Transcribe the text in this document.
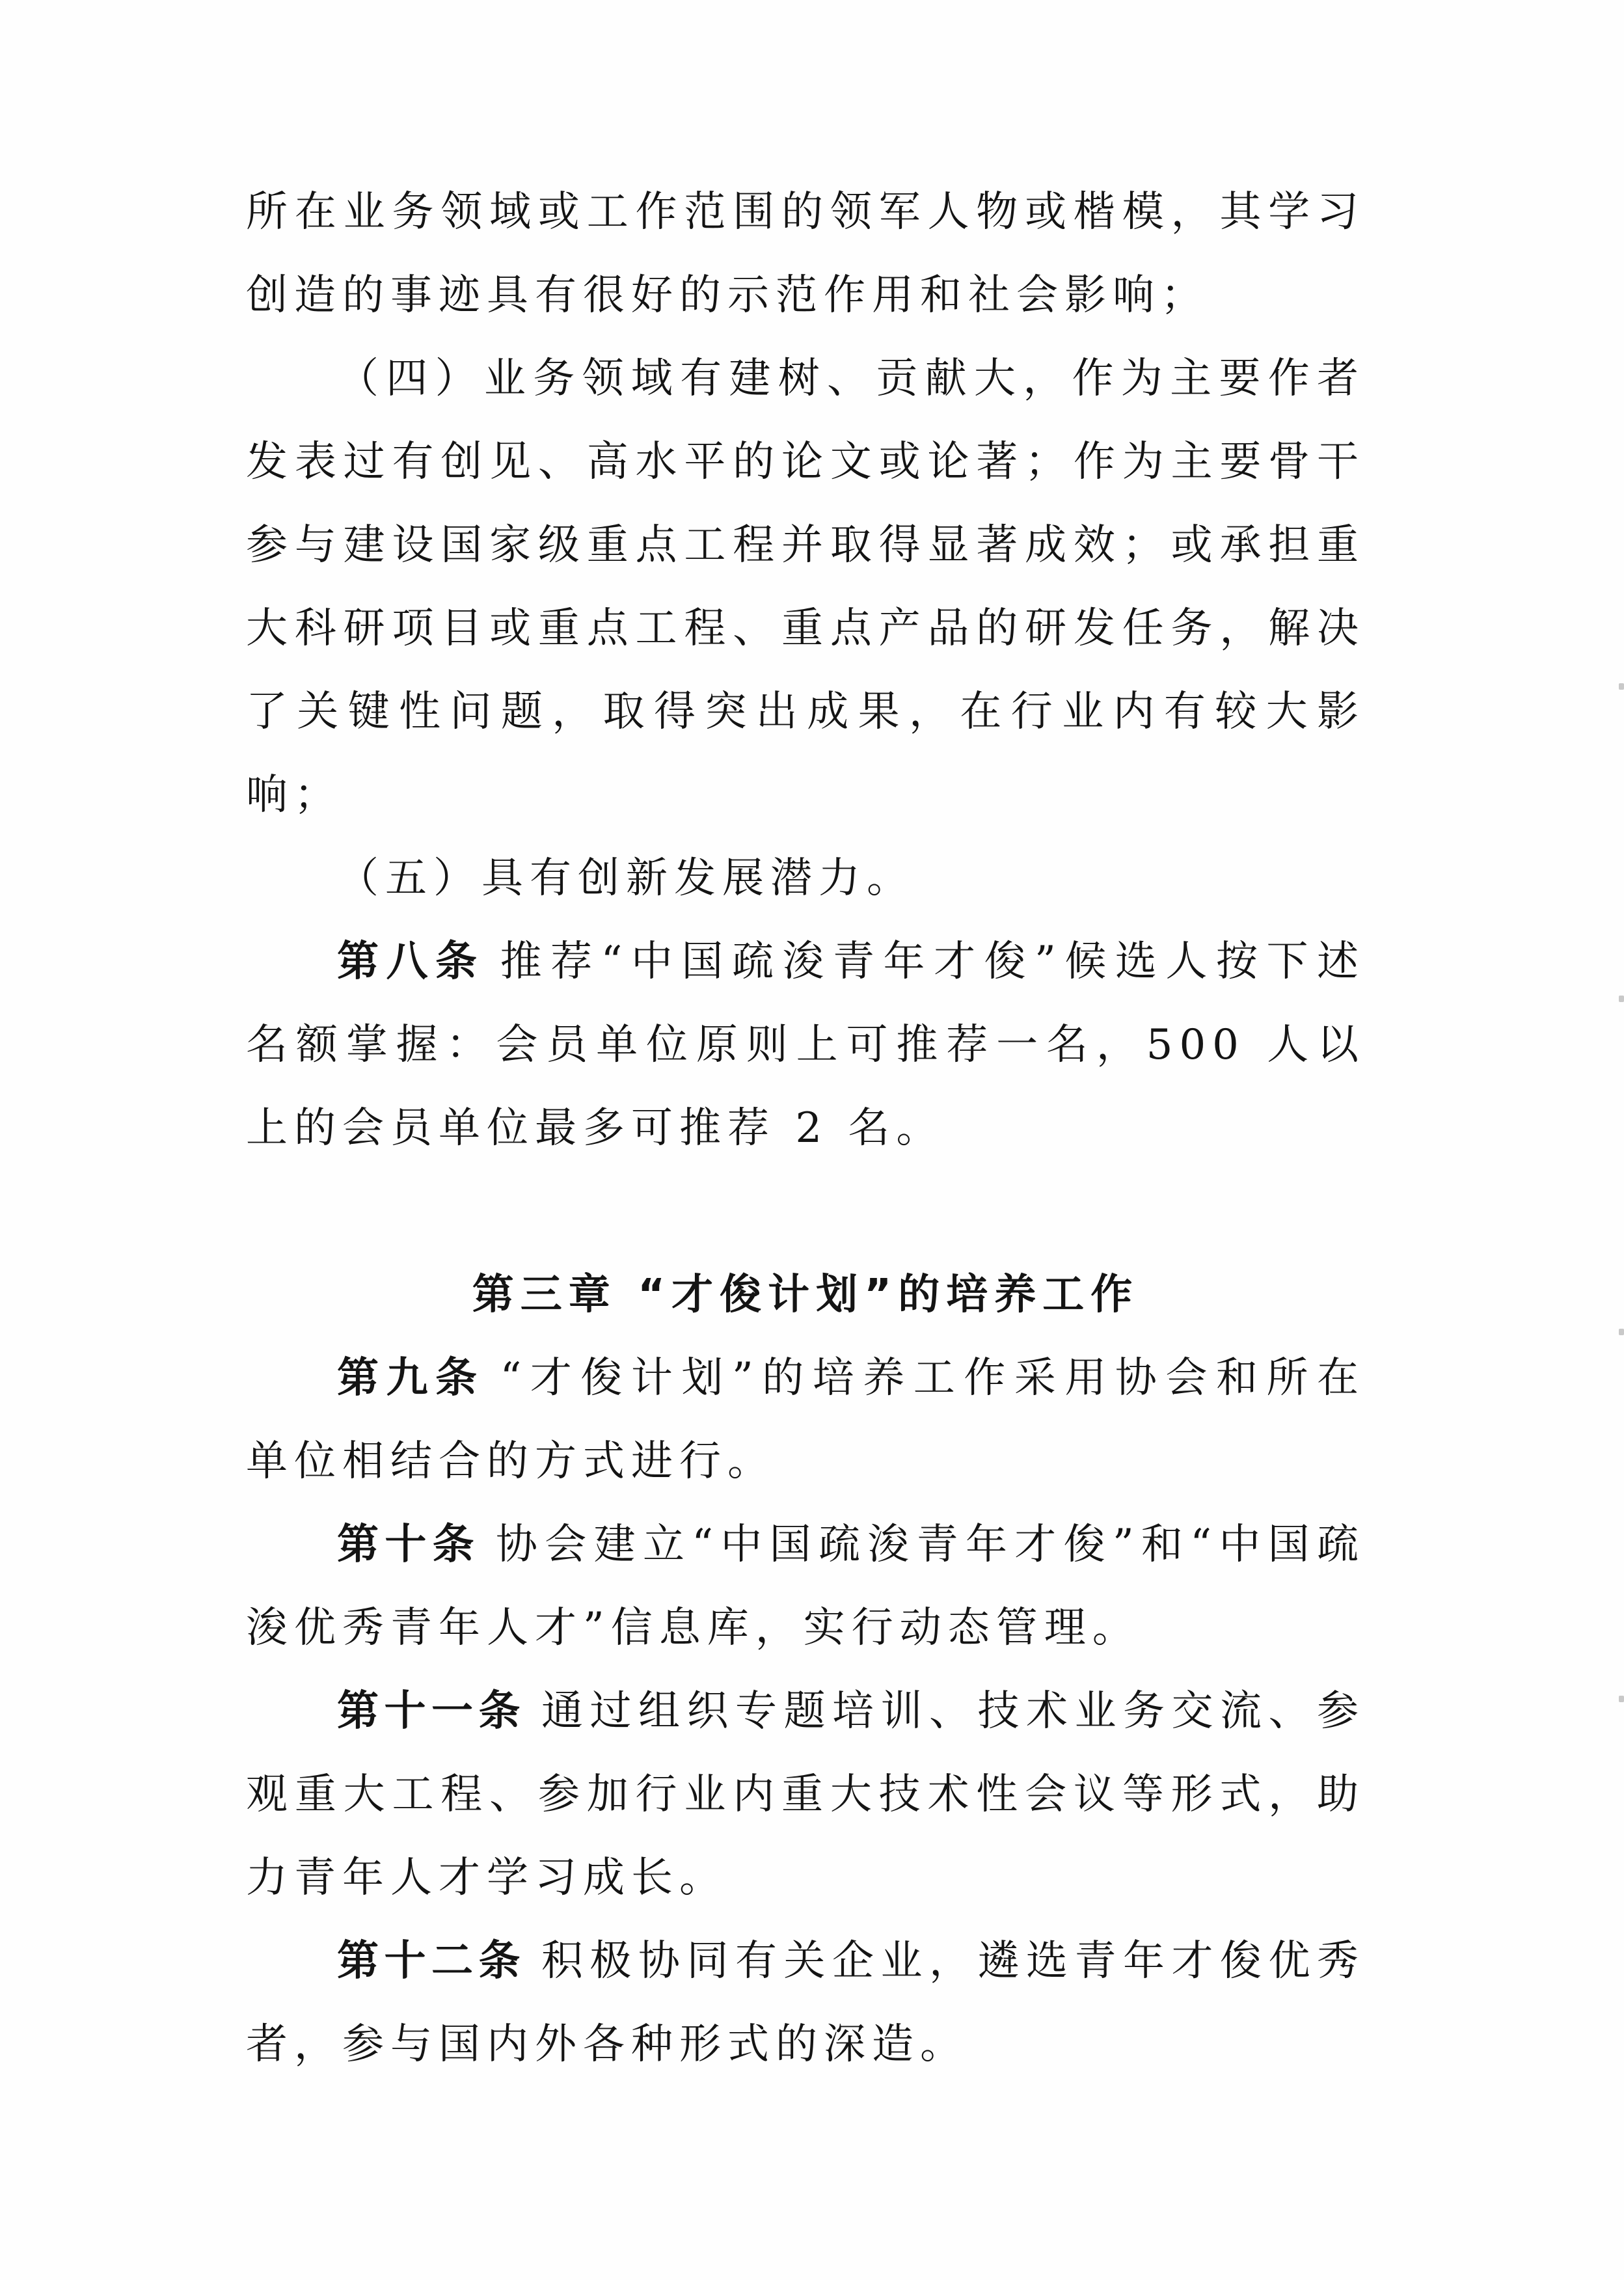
所在业务领域或工作范围的领军人物或楷模，其学习创造的事迹具有很好的示范作用和社会影响；

（四）业务领域有建树、贡献大，作为主要作者发表过有创见、高水平的论文或论著；作为主要骨干参与建设国家级重点工程并取得显著成效；或承担重大科研项目或重点工程、重点产品的研发任务，解决了关键性问题，取得突出成果，在行业内有较大影响；

（五）具有创新发展潜力。

第八条 推荐“中国疏浚青年才俊”候选人按下述名额掌握：会员单位原则上可推荐一名，500 人以上的会员单位最多可推荐 2 名。

第三章 “才俊计划”的培养工作

第九条 “才俊计划”的培养工作采用协会和所在单位相结合的方式进行。

第十条 协会建立“中国疏浚青年才俊”和“中国疏浚优秀青年人才”信息库，实行动态管理。

第十一条 通过组织专题培训、技术业务交流、参观重大工程、参加行业内重大技术性会议等形式，助力青年人才学习成长。

第十二条 积极协同有关企业，遴选青年才俊优秀者，参与国内外各种形式的深造。
